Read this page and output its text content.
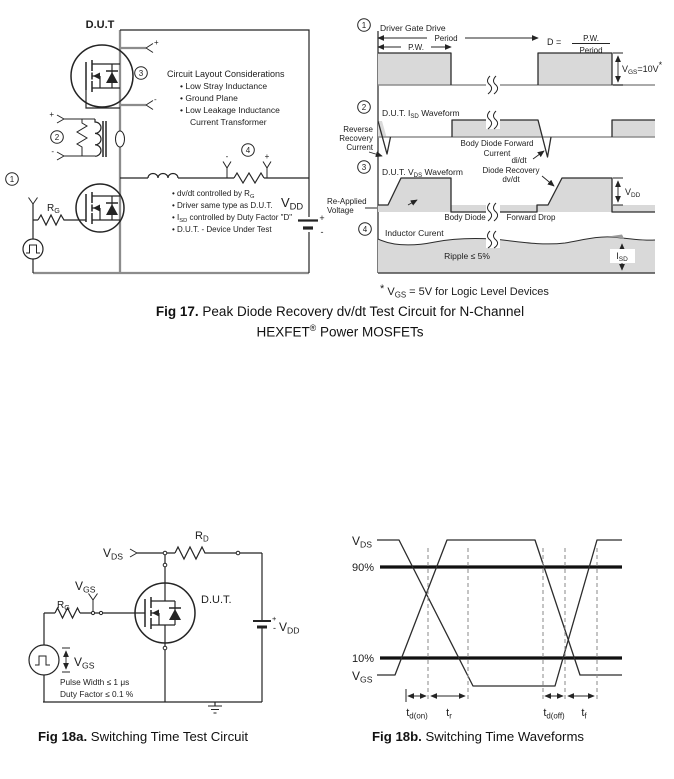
D.U.T
3
+
-
2
+
-
1
$R_G$
-	+
4
+
-
$V_{DD}$
Circuit Layout Considerations
• Low Stray Inductance
• Ground Plane
• Low Leakage Inductance
Current Transformer
• dv/dt controlled by $R_G$
• Driver same type as D.U.T.
• $I_{SD}$ controlled by Duty Factor "D"
• D.U.T. - Device Under Test
1 Driver Gate Drive
Period
P.W.
D =	P.W.
Period
$V_{GS}=10V*$
2
D.U.T. $I_{SD}$ Waveform
Reverse
Recovery
Current	Body Diode Forward
Current
di/dt
3 D.U.T. $V_{DS}$ Waveform
Re-Applied
Voltage
Body Diode	Forward Drop
Diode Recovery
dv/dt
$V_{DD}$
4 Inductor Curent
Ripple ≤ 5%	$I_{SD}$
* $V_{GS} = 5V$ for Logic Level Devices
Fig 17. Peak Diode Recovery dv/dt Test Circuit for N-Channel
HEXFET® Power MOSFETs
D.U.T.
$V_{DS}$
$V_{GS}$
$R_D$
$R_G$
+
- $V_{DD}$
$V_{GS}$
Pulse Width ≤ 1 μs
Duty Factor ≤ 0.1 %
$V_{DS}$
90%
10%
$V_{GS}$
$t_{d(on)}$ $t_r$	$t_{d(off)}$ $t_f$
Fig 18a. Switching Time Test Circuit	Fig 18b. Switching Time Waveforms
